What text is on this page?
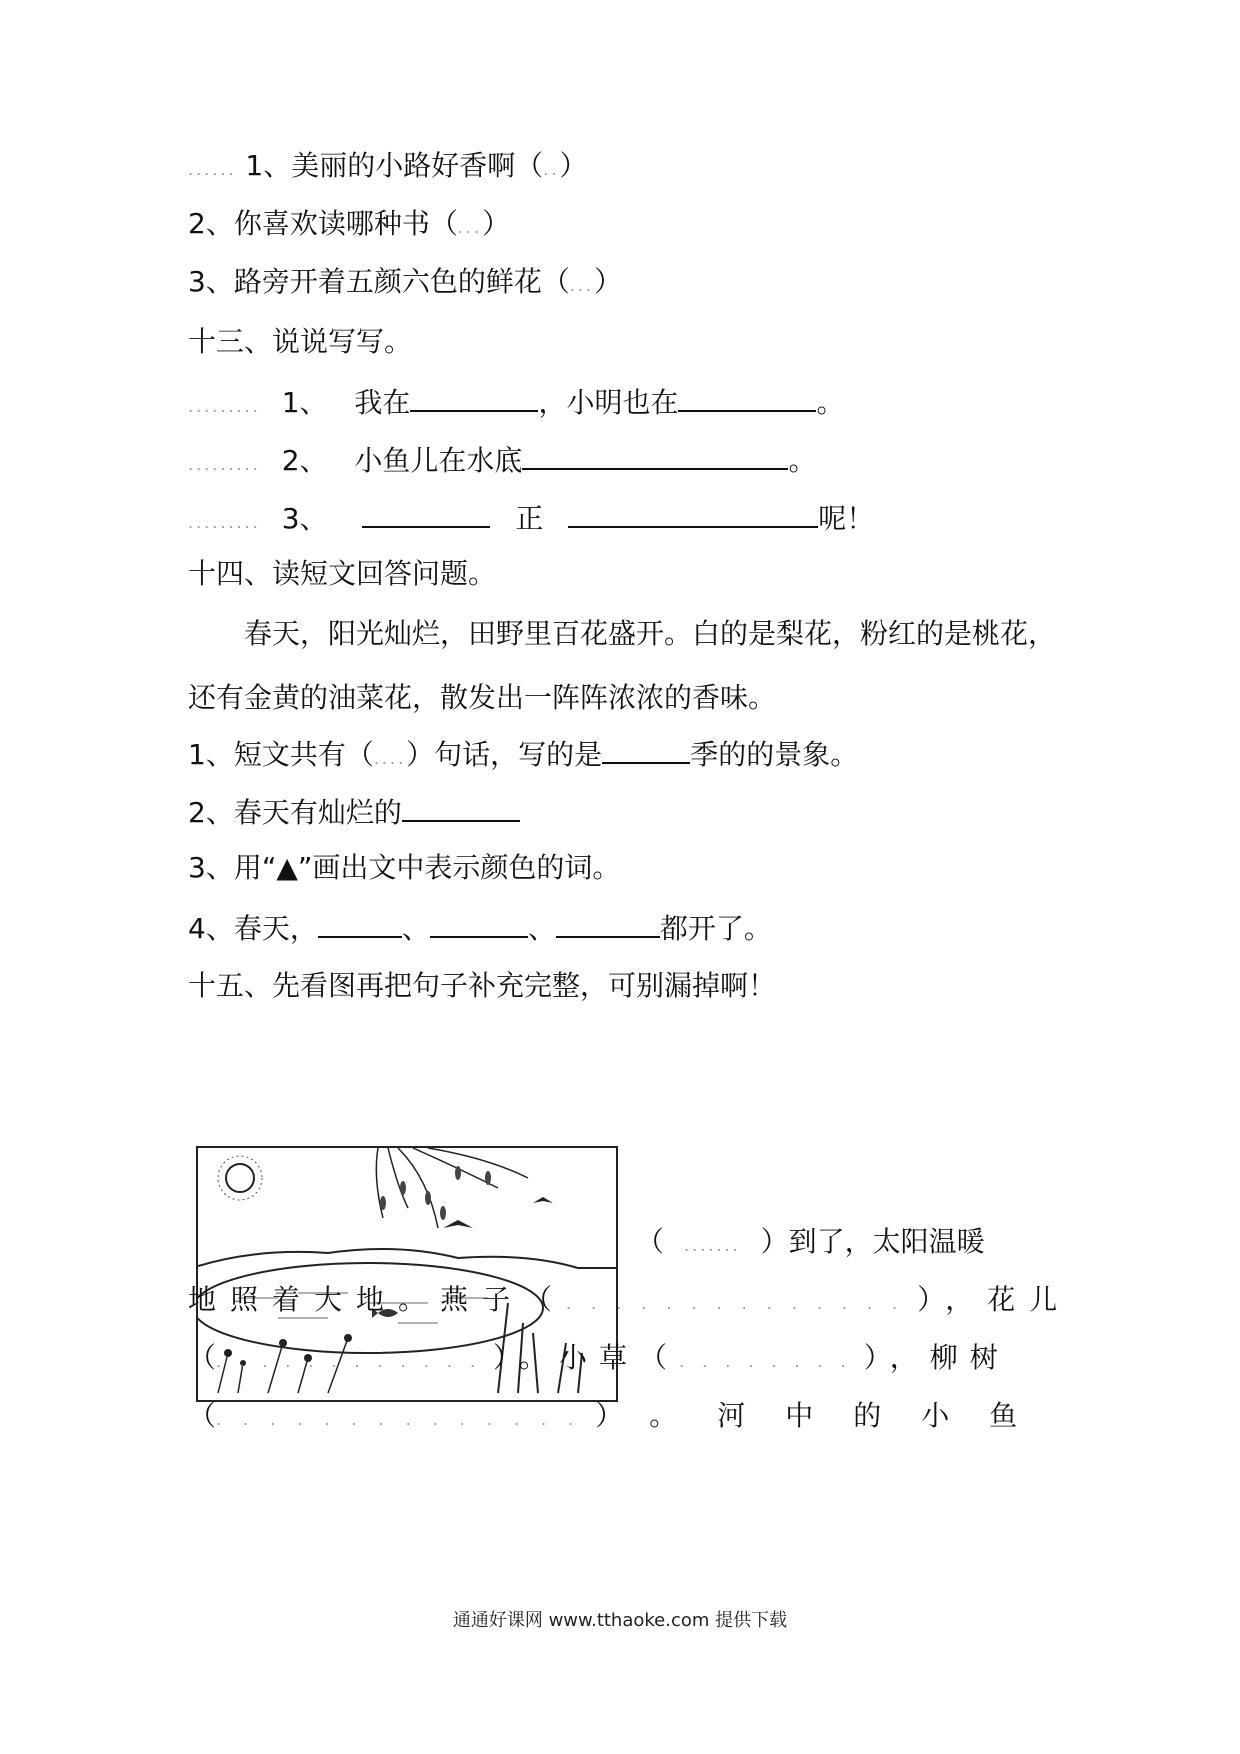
...... 1、美丽的小路好香啊（..）
2、你喜欢读哪种书（...）
3、路旁开着五颜六色的鲜花（...）
十三、说说写写。
......... 1、 我在	，小明也在	。
......... 2、 小鱼儿在水底	。
......... 3、	正	呢！
十四、读短文回答问题。
春天，阳光灿烂，田野里百花盛开。白的是梨花，粉红的是桃花，
还有金黄的油菜花，散发出一阵阵浓浓的香味。
1、短文共有（....）句话，写的是	季的的景象。
2、春天有灿烂的
3、用“▲”画出文中表示颜色的词。
4、春天，	、	、	都开了。
十五、先看图再把句子补充完整，可别漏掉啊！
（ ....... ）到了，太阳温暖
地照着大地。燕子（..............），花儿
（............）。小草（........），柳树
（..............）。河中的小鱼
通通好课网 www.tthaoke.com 提供下载
